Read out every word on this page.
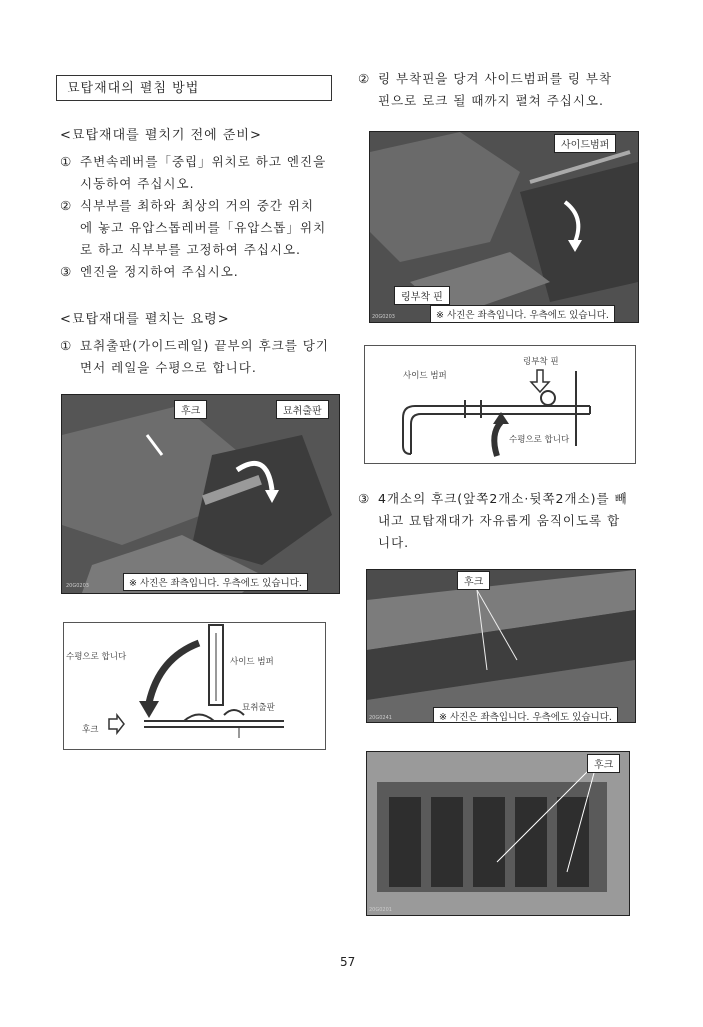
묘탑재대의 펼침 방법
<묘탑재대를 펼치기 전에 준비>
① 주변속레버를「중립」위치로 하고 엔진을
시동하여 주십시오.
② 식부부를 최하와 최상의 거의 중간 위치
에 놓고 유압스톱레버를「유압스톱」위치
로 하고 식부부를 고정하여 주십시오.
③ 엔진을 정지하여 주십시오.
<묘탑재대를 펼치는 요령>
① 묘취출판(가이드레일) 끝부의 후크를 당기
면서 레일을 수평으로 합니다.
후크	묘취출판
※ 사진은 좌측입니다. 우측에도 있습니다.
20G0203
수평으로 합니다	사이드 범퍼
묘취출판
후크
② 링 부착핀을 당겨 사이드범퍼를 링 부착
핀으로 로크 될 때까지 펼쳐 주십시오.
사이드범퍼
링부착 핀
※ 사진은 좌측입니다. 우측에도 있습니다.
20G0203
링부착 핀
사이드 범퍼
수평으로 합니다
③ 4개소의 후크(앞쪽2개소·뒷쪽2개소)를 빼
내고 묘탑재대가 자유롭게 움직이도록 합
니다.
후크
※ 사진은 좌측입니다. 우측에도 있습니다.
20G0241
후크
20G0201
57
